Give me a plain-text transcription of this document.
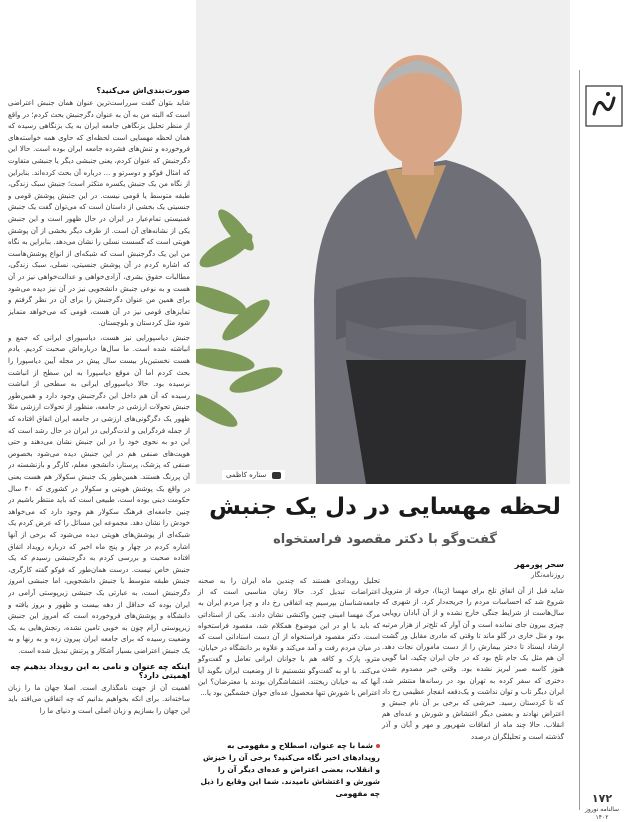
۱۷۲
سالنامه نوروز ۱۴۰۲
صورت‌بندی‌اش می‌کنید؟

شاید بتوان گفت سرراست‌ترین عنوان همان جنبش اعتراضی است که البته من به آن به عنوان دگرجنبش بحث کردم؛ در واقع از منظر تحلیل بزنگاهی جامعه ایران به یک بزنگاهی رسیده که همان لحظه مهسایی است لحظه‌ای که حاوی همه خواسته‌های فروخورده و تنش‌های فشرده جامعه ایران بوده است. حالا این دگرجنبش که عنوان کردم، یعنی جنبشی دیگر یا جنبشی متفاوت که امثال فوکو و دوسرتو و ... درباره آن بحث کرده‌اند. بنابراین از نگاه من یک جنبش یکسره متکثر است؛ جنبش سبک زندگی، طبقه متوسط یا قومی نیست. در این جنبش پوشش قومی و جنسیتی یک بخشی از داستان است که می‌توان گفت یک جنبش فمنیستی تمام‌عیار در ایران در حال ظهور است و این جنبش یکی از نشانه‌های آن است. از طرف دیگر بخشی از آن پوشش هویتی است که گسست نسلی را نشان می‌دهد. بنابراین به نگاه من این یک دگرجنبش است که شبکه‌ای از انواع پوشش‌هاست که اشاره کردم در آن پوشش جنسیتی، نسلی، سبک زندگی، مطالبات حقوق بشری، آزادی‌خواهی و عدالت‌خواهی نیز در آن هست و به نوعی جنبش دانشجویی نیز در آن نیز دیده می‌شود برای همین من عنوان دگرجنبش را برای آن در نظر گرفتم و تمایزهای قومی نیز در آن هست، قومی که می‌خواهد متمایز شود مثل کردستان و بلوچستان.

جنبش دیاسپورایی نیز هست، دیاسپورای ایرانی که جمع و انباشته شده است. ما سال‌ها درباره‌اش صحبت کردیم. یادم هست نخستین‌بار بیست سال پیش در مجله آیین دیاسپورا را بحث کردم اما آن موقع دیاسپورا به این سطح از انباشت نرسیده بود. حالا دیاسپورای ایرانی به سطحی از انباشت رسیده که آن هم داخل این دگرجنبش وجود دارد و همین‌طور جنبش تحولات ارزشی در جامعه، منظور از تحولات ارزشی مثلا ظهور یک دگرگونی‌های ارزشی در جامعه ایران اتفاق افتاده که از جمله فردگرایی و لذت‌گرایی در ایران در حال رشد است که این دو به نحوی خود را در این جنبش نشان می‌دهند و حتی هویت‌های صنفی هم در این جنبش دیده می‌شود بخصوص صنفی که پزشک، پرستار، دانشجو، معلم، کارگر و بازنشسته در آن پررنگ هستند. همین‌طور یک جنبش سکولار هم هست یعنی در واقع یک پوشش هویتی و سکولار در کشوری که ۴۰ سال حکومت دینی بوده است، طبیعی است که باید منتظر باشیم در چنین جامعه‌ای فرهنگ سکولار هم وجود دارد که می‌خواهد خودش را نشان دهد. مجموعه این مسائل را که عرض کردم یک شبکه‌ای از پوشش‌های هویتی دیده می‌شود که برخی از آنها اشاره کردم در چهار و پنج ماه اخیر که درباره رویداد اتفاق افتاده صحبت و بررسی کردم به دگرجنبشی رسیدم که یک جنبش خاص نیست. درست همان‌طور که فوکو گفته کارگری، جنبش طبقه متوسط یا جنبش دانشجویی، اما جنبشی امروز دگرجنبش است، به عبارتی یک جنبشی زیرپوستی آرامی در ایران بوده که حداقل از دهه بیست و ظهور و بروز یافته و دانشگاه و پوشش‌های فروخورده است که امروز این جنبش زیرپوستی آرام چون به خوبی تامین نشده، رنجش‌هایی به یک وضعیت رسیده که برای جامعه ایران پیرون زده و به رنها و به یک جنبش اعتراضی بسیار آشکار و پرتنش تبدیل شده است.

اینکه چه عنوان و نامی به این رویداد بدهیم چه اهمیتی دارد؟

اهمیت آن از جهت نامگذاری است. اصلا جهان ما را زبان ساخته‌اند. برای انکه بخواهیم بدانیم که چه اتفاقی می‌افتد باید این جهان را بسازیم و زبان اصلی است و دنیای ما را

ستاره کاظمی
لحظه مهسایی در دل یک جنبش
گفت‌وگو با دکتر مقصود فراستخواه

سحر پورمهر

روزنامه‌نگار

شاید قبل از آن اتفاق تلخ برای مهسا (ژینا)، جرقه از متروپل شروع شد که احساسات مردم را جریحه‌دار کرد. از شهری که سال‌هاست از شرایط جنگی خارج نشده و از آن آبادان رویایی چیزی بیرون جای نمانده است و آن آوار که تلخ‌تر از هزار مرتبه بود و مثل خاری در گلو ماند تا وقتی که مادری مقابل ور گشت ارشاد ایستاد تا دختر بیمارش را از دست ماموران نجات دهد. آن هم مثل یک جام تلخ بود که در جان ایران چکید، اما گویی هنوز کاسه صبر لبریز نشده بود. وقتی خبر مصدوم شدن دختری که سفر کرده به تهران بود در رسانه‌ها منتشر شد، ایران دیگر تاب و توان نداشت و یک‌دفعه انفجار عظیمی رخ داد که تا کردستان رسید. خبرشی که برخی بر آن نام جنبش و اعتراض نهادند و بعضی دیگر اغتشاش و شورش و عده‌ای هم انقلاب. حالا چند ماه از اتفاقات شهریور و مهر و آبان و آذر گذشته است و تحلیلگران درصدد

تحلیل رویدادی هستند که چندین ماه ایران را به صحنه اعتراضات تبدیل کرد. حالا زمان مناسبی است که از جامعه‌شناسان بپرسیم چه اتفاقی رخ داد و چرا مردم ایران به مرگ مهسا امینی چنین واکنشی نشان دادند. یکی از استاداتی که باید با او در این موضوع همکلام شد، مقصود فراستخواه است. دکتر مقصود فراستخواه از آن دست استادانی است که در میان مردم رفت و آمد می‌کند و علاوه بر دانشگاه در خیابان، مترو، پارک و کافه هم با جوانان ایرانی تعامل و گفت‌وگو می‌کند. با او به گفت‌وگو نشستیم تا از وضعیت ایران بگوید آیا آنها که به خیابان ریختند، اغتشاشگران بودند یا معترضان؟ این اعتراض با شورش تنها محصول عده‌ای جوان خشمگین بود یا...

شما با چه عنوان، اصطلاح و مفهومی به رویدادهای اخیر نگاه می‌کنید؟ برخی آن را خیزش و انقلاب، بعضی اعتراض و عده‌ای دیگر آن را شورش و اغتشاش نامیدند. شما این وقایع را ذیل چه مفهومی
